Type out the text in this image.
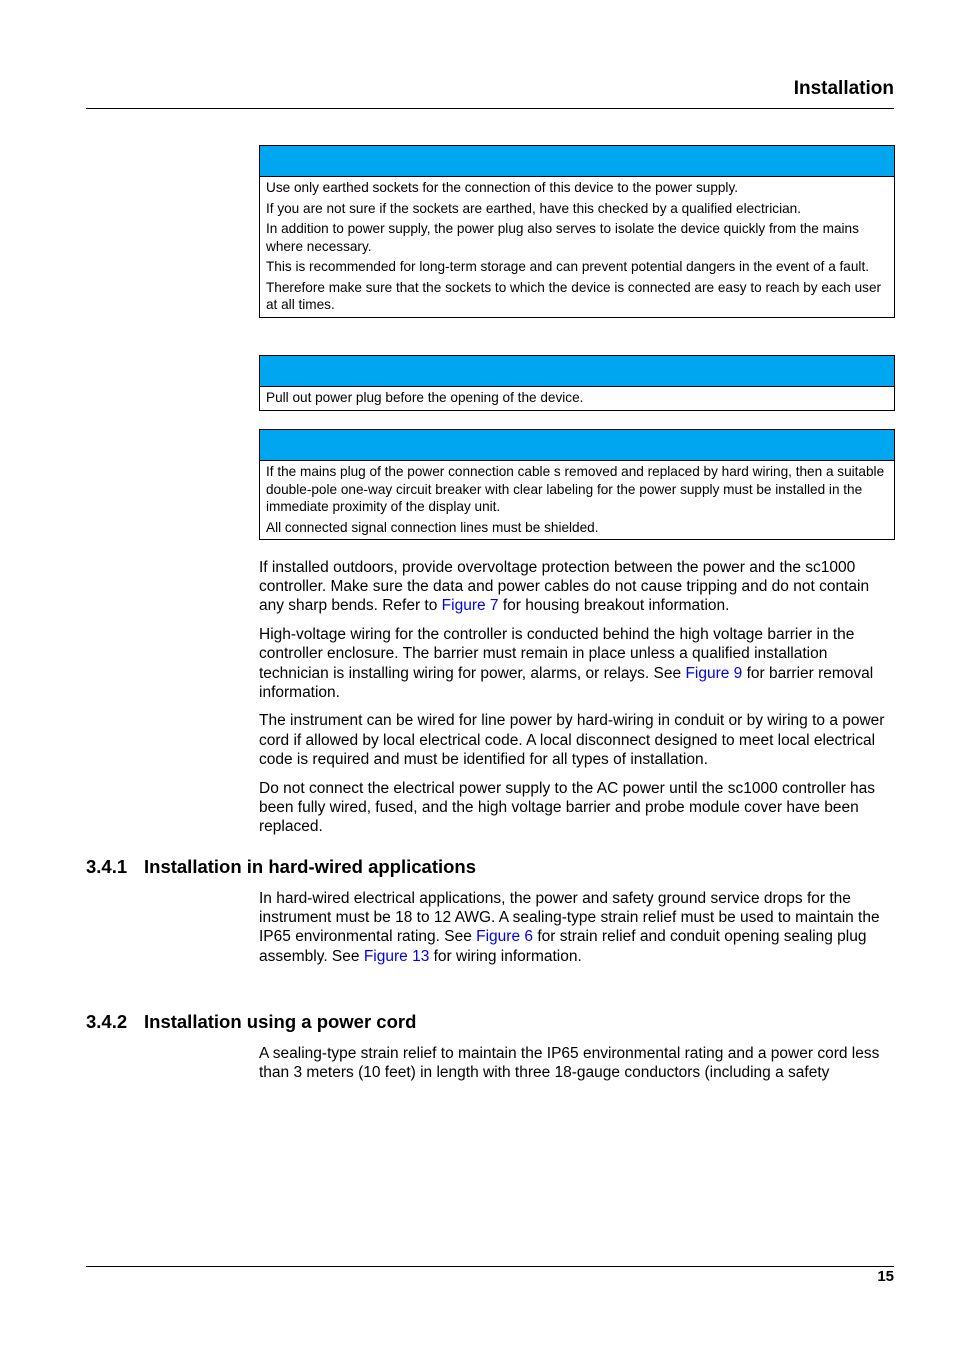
Installation

Use only earthed sockets for the connection of this device to the power supply.

If you are not sure if the sockets are earthed, have this checked by a qualified electrician.

In addition to power supply, the power plug also serves to isolate the device quickly from the mains where necessary.

This is recommended for long-term storage and can prevent potential dangers in the event of a fault.

Therefore make sure that the sockets to which the device is connected are easy to reach by each user at all times.

Pull out power plug before the opening of the device.

If the mains plug of the power connection cable s removed and replaced by hard wiring, then a suitable double-pole one-way circuit breaker with clear labeling for the power supply must be installed in the immediate proximity of the display unit.

All connected signal connection lines must be shielded.

If installed outdoors, provide overvoltage protection between the power and the sc1000 controller. Make sure the data and power cables do not cause tripping and do not contain any sharp bends. Refer to Figure 7 for housing breakout information.

High-voltage wiring for the controller is conducted behind the high voltage barrier in the controller enclosure. The barrier must remain in place unless a qualified installation technician is installing wiring for power, alarms, or relays. See Figure 9 for barrier removal information.

The instrument can be wired for line power by hard-wiring in conduit or by wiring to a power cord if allowed by local electrical code. A local disconnect designed to meet local electrical code is required and must be identified for all types of installation.

Do not connect the electrical power supply to the AC power until the sc1000 controller has been fully wired, fused, and the high voltage barrier and probe module cover have been replaced.

3.4.1 Installation in hard-wired applications

In hard-wired electrical applications, the power and safety ground service drops for the instrument must be 18 to 12 AWG. A sealing-type strain relief must be used to maintain the IP65 environmental rating. See Figure 6 for strain relief and conduit opening sealing plug assembly. See Figure 13 for wiring information.

3.4.2 Installation using a power cord

A sealing-type strain relief to maintain the IP65 environmental rating and a power cord less than 3 meters (10 feet) in length with three 18-gauge conductors (including a safety

15
